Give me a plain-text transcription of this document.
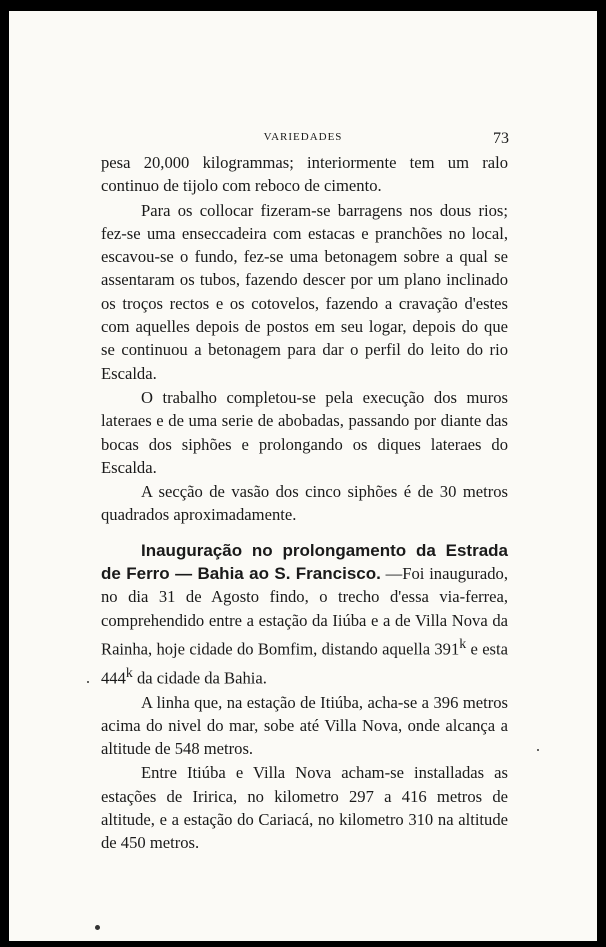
VARIEDADES	73

pesa 20,000 kilogrammas; interiormente tem um ralo continuo de tijolo com reboco de cimento.

Para os collocar fizeram-se barragens nos dous rios; fez-se uma enseccadeira com estacas e pranchões no local, escavou-se o fundo, fez-se uma betonagem sobre a qual se assentaram os tubos, fazendo descer por um plano inclinado os troços rectos e os cotovelos, fazendo a cravação d'estes com aquelles depois de postos em seu logar, depois do que se continuou a betonagem para dar o perfil do leito do rio Escalda.

O trabalho completou-se pela execução dos muros lateraes e de uma serie de abobadas, passando por diante das bocas dos siphões e prolongando os diques lateraes do Escalda.

A secção de vasão dos cinco siphões é de 30 metros quadrados aproximadamente.

Inauguração no prolongamento da Estrada de Ferro — Bahia ao S. Francisco. —Foi inaugurado, no dia 31 de Agosto findo, o trecho d'essa via-ferrea, comprehendido entre a estação da Iiúba e a de Villa Nova da Rainha, hoje cidade do Bomfim, distando aquella 391$^k$ e esta 444$^k$ da cidade da Bahia.

A linha que, na estação de Itiúba, acha-se a 396 metros acima do nivel do mar, sobe até Villa Nova, onde alcança a altitude de 548 metros.

Entre Itiúba e Villa Nova acham-se installadas as estações de Iririca, no kilometro 297 a 416 metros de altitude, e a estação do Cariacá, no kilometro 310 na altitude de 450 metros.
